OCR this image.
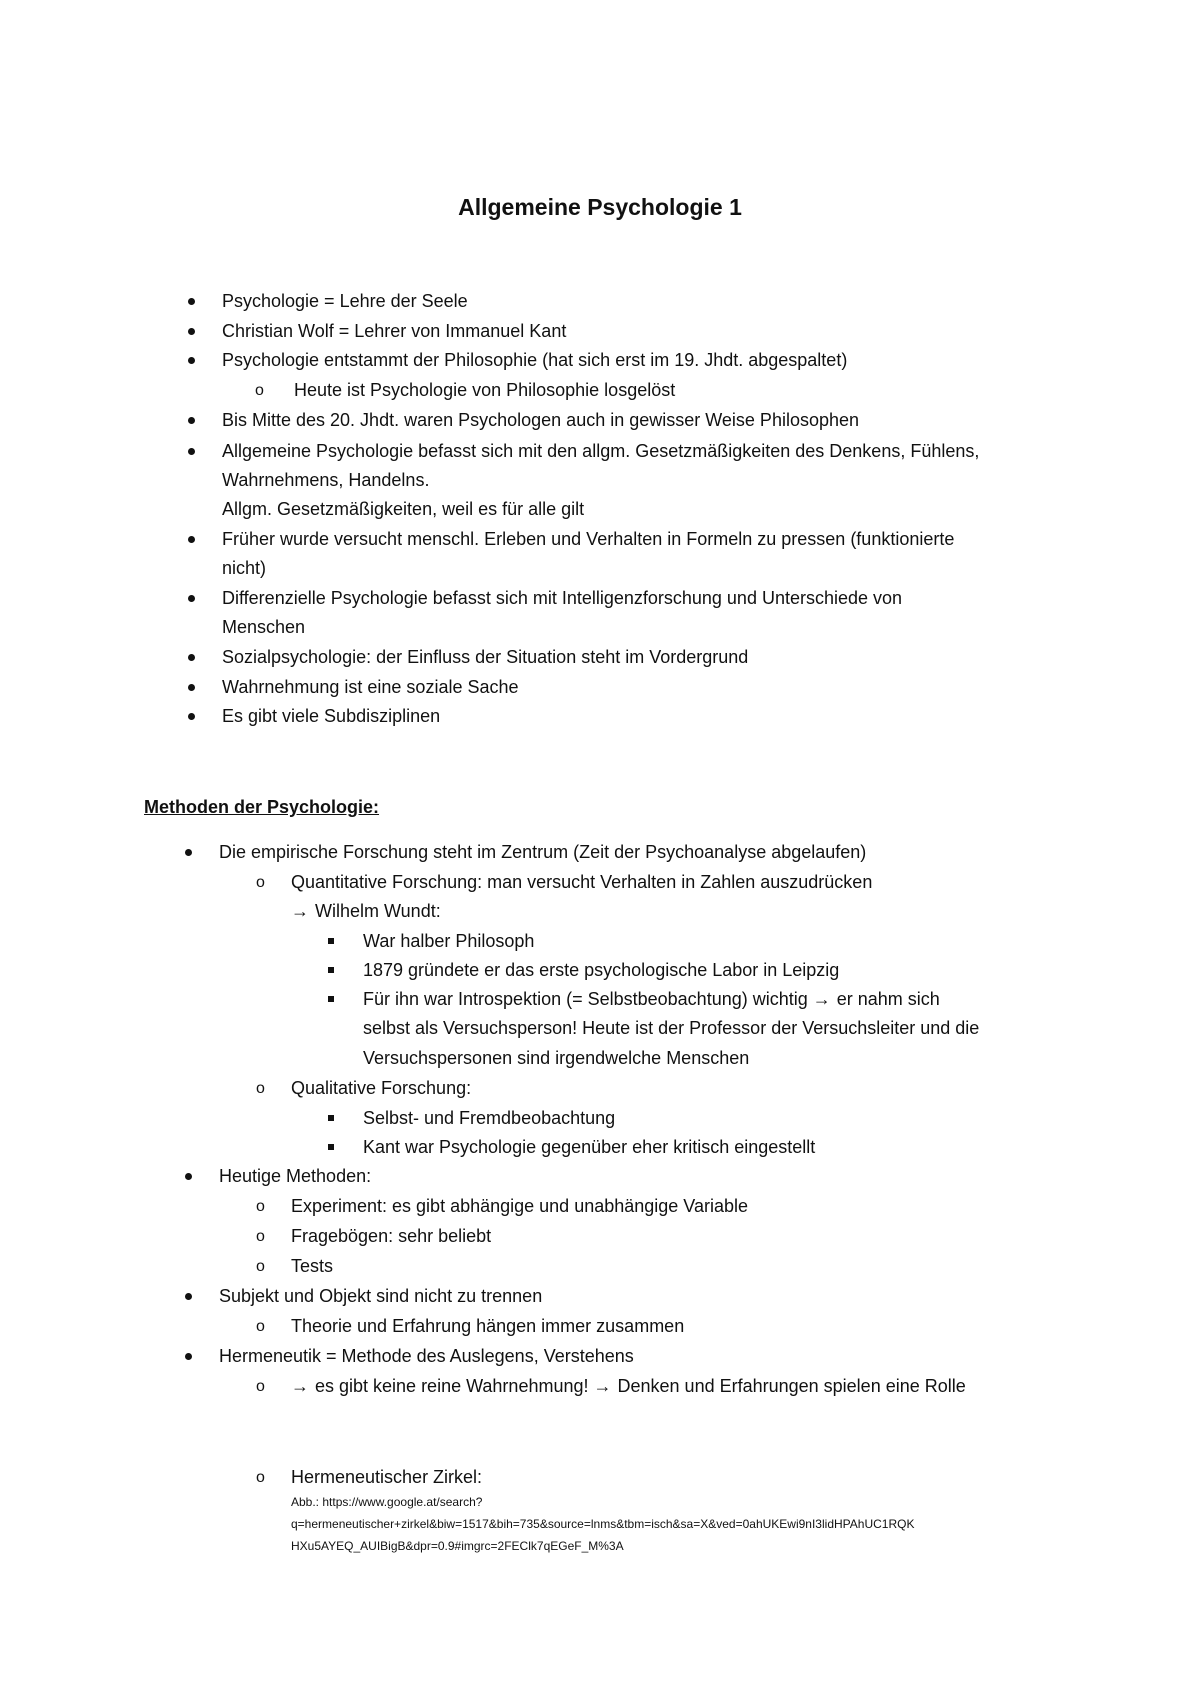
Allgemeine Psychologie 1
Psychologie = Lehre der Seele
Christian Wolf = Lehrer von Immanuel Kant
Psychologie entstammt der Philosophie (hat sich erst im 19. Jhdt. abgespaltet)
o	Heute ist Psychologie von Philosophie losgelöst
Bis Mitte des 20. Jhdt. waren Psychologen auch in gewisser Weise Philosophen
Allgemeine Psychologie befasst sich mit den allgm. Gesetzmäßigkeiten des Denkens, Fühlens,
Wahrnehmens, Handelns.
Allgm. Gesetzmäßigkeiten, weil es für alle gilt
Früher wurde versucht menschl. Erleben und Verhalten in Formeln zu pressen (funktionierte
nicht)
Differenzielle Psychologie befasst sich mit Intelligenzforschung und Unterschiede von
Menschen
Sozialpsychologie: der Einfluss der Situation steht im Vordergrund
Wahrnehmung ist eine soziale Sache
Es gibt viele Subdisziplinen
Methoden der Psychologie:
Die empirische Forschung steht im Zentrum (Zeit der Psychoanalyse abgelaufen)
o	Quantitative Forschung: man versucht Verhalten in Zahlen auszudrücken
→ Wilhelm Wundt:
War halber Philosoph
1879 gründete er das erste psychologische Labor in Leipzig
Für ihn war Introspektion (= Selbstbeobachtung) wichtig → er nahm sich
selbst als Versuchsperson! Heute ist der Professor der Versuchsleiter und die
Versuchspersonen sind irgendwelche Menschen
o	Qualitative Forschung:
Selbst- und Fremdbeobachtung
Kant war Psychologie gegenüber eher kritisch eingestellt
Heutige Methoden:
o	Experiment: es gibt abhängige und unabhängige Variable
o	Fragebögen: sehr beliebt
o	Tests
Subjekt und Objekt sind nicht zu trennen
o	Theorie und Erfahrung hängen immer zusammen
Hermeneutik = Methode des Auslegens, Verstehens
o	→ es gibt keine reine Wahrnehmung! → Denken und Erfahrungen spielen eine Rolle
o	Hermeneutischer Zirkel:
Abb.: https://www.google.at/search?
q=hermeneutischer+zirkel&biw=1517&bih=735&source=lnms&tbm=isch&sa=X&ved=0ahUKEwi9nI3lidHPAhUC1RQK
HXu5AYEQ_AUIBigB&dpr=0.9#imgrc=2FEClk7qEGeF_M%3A
